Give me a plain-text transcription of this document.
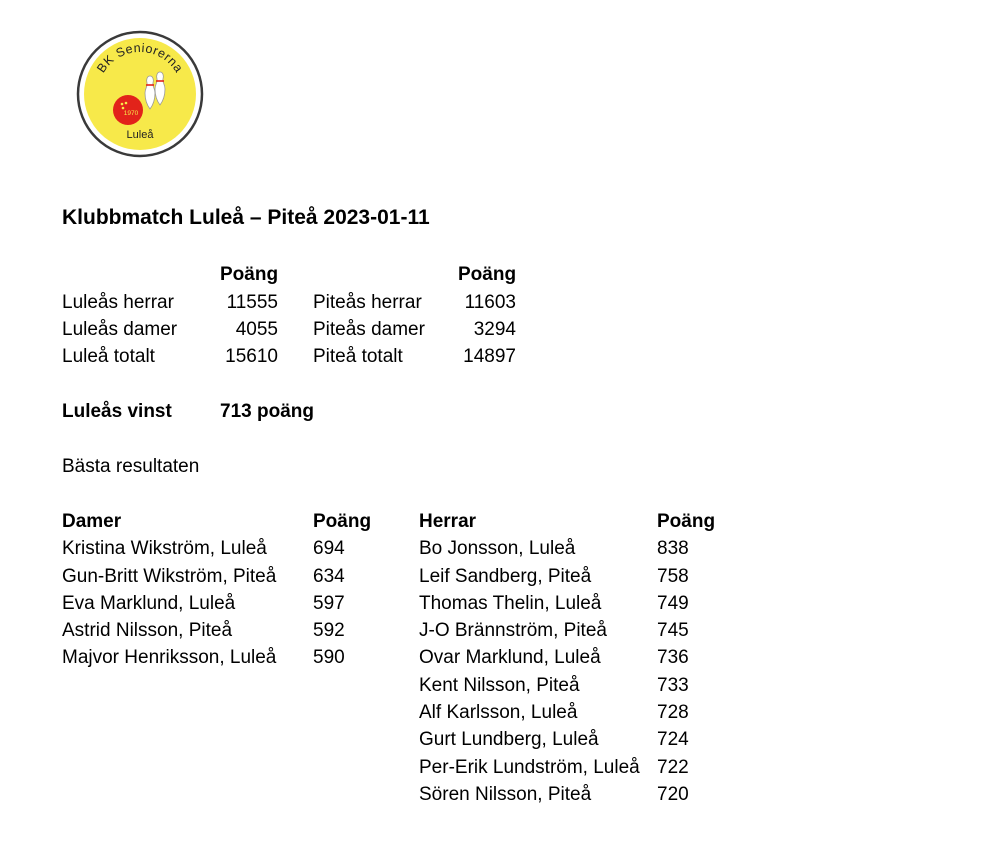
BK Seniorerna
1970
Luleå
Klubbmatch Luleå – Piteå 2023-01-11
Poäng	Poäng
Luleås herrar	11555 Piteås herrar	11603
Luleås damer	4055 Piteås damer	3294
Luleå totalt	15610 Piteå totalt	14897
Luleås vinst	713 poäng
Bästa resultaten
Damer	Poäng
Kristina Wikström, Luleå 694
Gun-Britt Wikström, Piteå 634
Eva Marklund, Luleå	597
Astrid Nilsson, Piteå	592
Majvor Henriksson, Luleå 590
Herrar	Poäng
Bo Jonsson, Luleå	838
Leif Sandberg, Piteå	758
Thomas Thelin, Luleå	749
J-O Brännström, Piteå	745
Ovar Marklund, Luleå	736
Kent Nilsson, Piteå	733
Alf Karlsson, Luleå	728
Gurt Lundberg, Luleå	724
Per-Erik Lundström, Luleå 722
Sören Nilsson, Piteå	720
